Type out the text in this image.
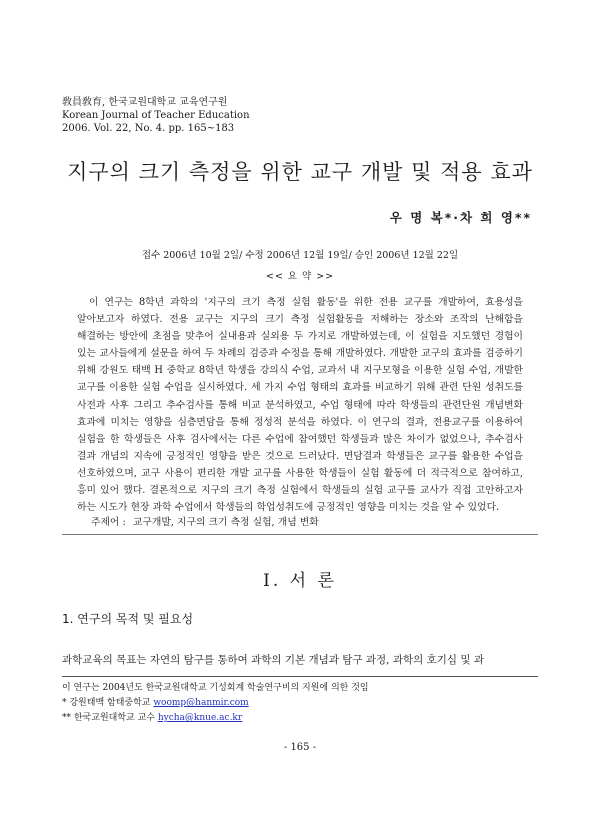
敎員敎育, 한국교원대학교 교육연구원
Korean Journal of Teacher Education
2006. Vol. 22, No. 4. pp. 165~183
지구의 크기 측정을 위한 교구 개발 및 적용 효과
우 명 복*·차 희 영**
접수 2006년 10월 2일/ 수정 2006년 12월 19일/ 승인 2006년 12월 22일
<< 요 약 >>
이 연구는 8학년 과학의 '지구의 크기 측정 실험 활동'을 위한 전용 교구를 개발하여, 효용성을 알아보고자 하였다. 전용 교구는 지구의 크기 측정 실험활동을 저해하는 장소와 조작의 난해함을 해결하는 방안에 초점을 맞추어 실내용과 실외용 두 가지로 개발하였는데, 이 실험을 지도했던 경험이 있는 교사들에게 설문을 하여 두 차례의 검증과 수정을 통해 개발하였다. 개발한 교구의 효과를 검증하기 위해 강원도 태백 H 중학교 8학년 학생을 강의식 수업, 교과서 내 지구모형을 이용한 실험 수업, 개발한 교구를 이용한 실험 수업을 실시하였다. 세 가지 수업 형태의 효과를 비교하기 위해 관련 단원 성취도를 사전과 사후 그리고 추수검사를 통해 비교 분석하였고, 수업 형태에 따라 학생들의 관련단원 개념변화 효과에 미치는 영향을 심층면담을 통해 정성적 분석을 하였다. 이 연구의 결과, 전용교구를 이용하여 실험을 한 학생들은 사후 검사에서는 다른 수업에 참여했던 학생들과 많은 차이가 없었으나, 추수검사 결과 개념의 지속에 긍정적인 영향을 받은 것으로 드러났다. 면담결과 학생들은 교구를 활용한 수업을 선호하였으며, 교구 사용이 편리한 개발 교구를 사용한 학생들이 실험 활동에 더 적극적으로 참여하고, 흥미 있어 했다. 결론적으로 지구의 크기 측정 실험에서 학생들의 실험 교구를 교사가 직접 고안하고자 하는 시도가 현장 과학 수업에서 학생들의 학업성취도에 긍정적인 영향을 미치는 것을 알 수 있었다.
주제어 : 교구개발, 지구의 크기 측정 실험, 개념 변화
I. 서 론
1. 연구의 목적 및 필요성
과학교육의 목표는 자연의 탐구를 통하여 과학의 기본 개념과 탐구 과정, 과학의 호기심 및 과
이 연구는 2004년도 한국교원대학교 기성회계 학술연구비의 지원에 의한 것임
* 강원태백 함태중학교 woomp@hanmir.com
** 한국교원대학교 교수 hycha@knue.ac.kr
- 165 -
